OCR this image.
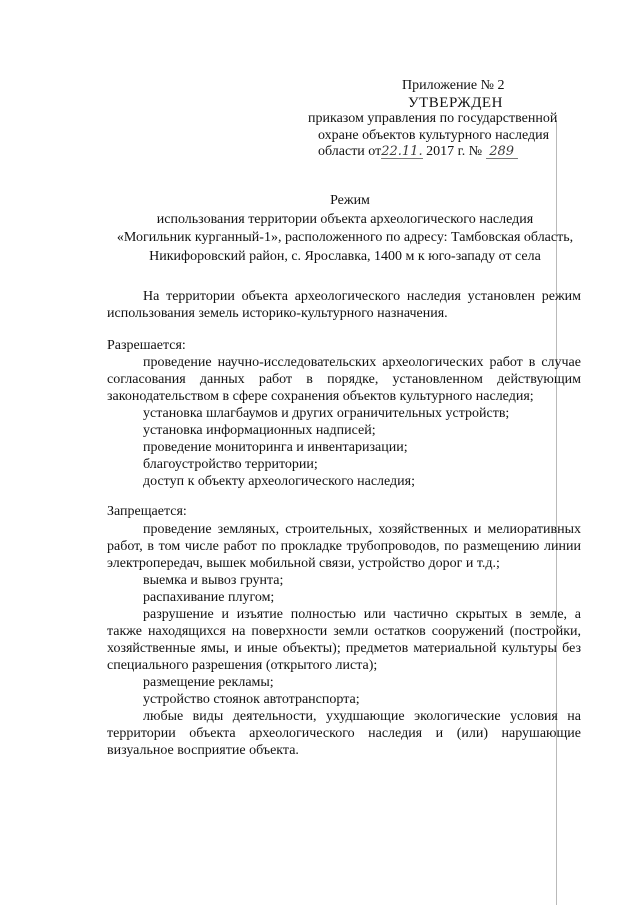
Приложение № 2
УТВЕРЖДЕН
приказом управления по государственной
охране объектов культурного наследия
области от22.11. 2017 г. № 289
Режим
использования территории объекта археологического наследия
«Могильник курганный-1», расположенного по адресу: Тамбовская область,
Никифоровский район, с. Ярославка, 1400 м к юго-западу от села
На территории объекта археологического наследия установлен режим использования земель историко-культурного назначения.
Разрешается:
проведение научно-исследовательских археологических работ в случае согласования данных работ в порядке, установленном действующим законодательством в сфере сохранения объектов культурного наследия;
установка шлагбаумов и других ограничительных устройств;
установка информационных надписей;
проведение мониторинга и инвентаризации;
благоустройство территории;
доступ к объекту археологического наследия;
Запрещается:
проведение земляных, строительных, хозяйственных и мелиоративных работ, в том числе работ по прокладке трубопроводов, по размещению линии электропередач, вышек мобильной связи, устройство дорог и т.д.;
выемка и вывоз грунта;
распахивание плугом;
разрушение и изъятие полностью или частично скрытых в земле, а также находящихся на поверхности земли остатков сооружений (постройки, хозяйственные ямы, и иные объекты); предметов материальной культуры без специального разрешения (открытого листа);
размещение рекламы;
устройство стоянок автотранспорта;
любые виды деятельности, ухудшающие экологические условия на территории объекта археологического наследия и (или) нарушающие визуальное восприятие объекта.
